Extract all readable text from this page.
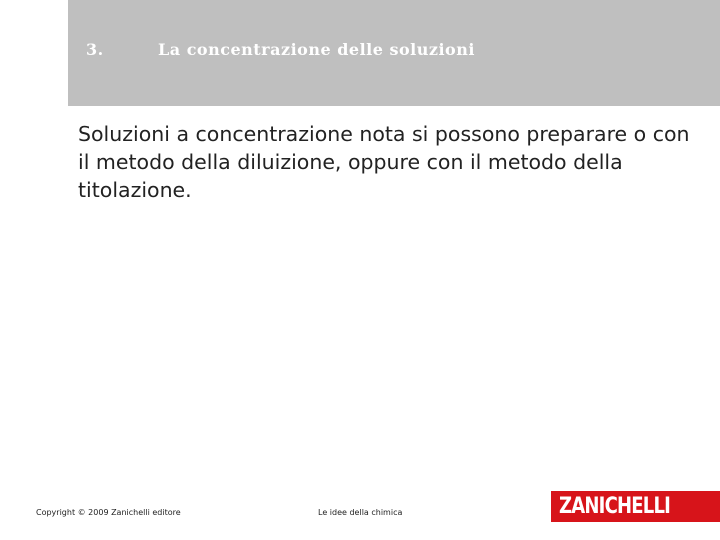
3.	La concentrazione delle soluzioni

Soluzioni a concentrazione nota si possono preparare o con il metodo della diluizione, oppure con il metodo della titolazione.

Copyright © 2009 Zanichelli editore	Le idee della chimica	ZANICHELLI
